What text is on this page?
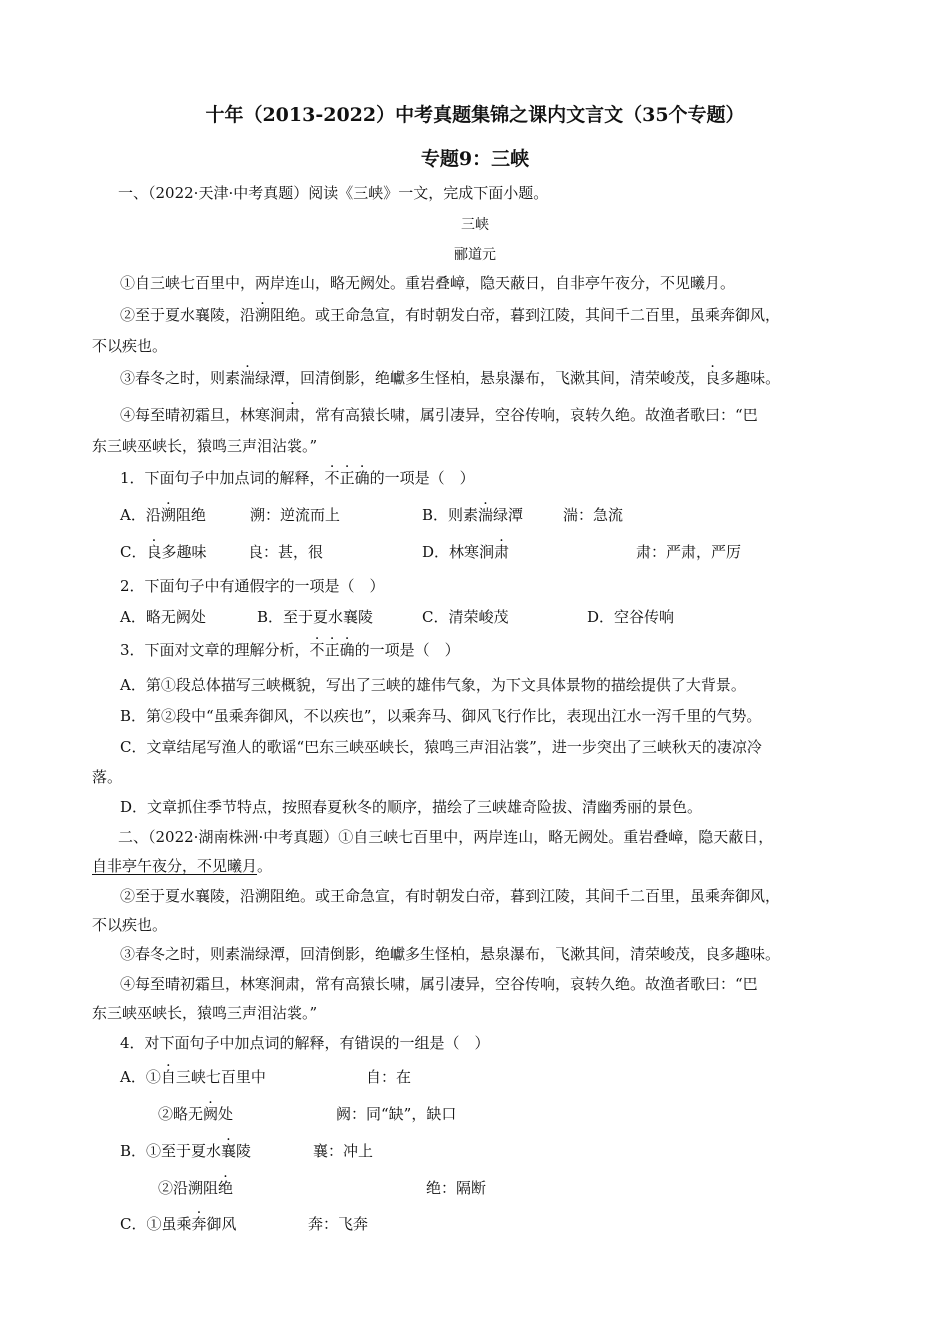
十年（2013-2022）中考真题集锦之课内文言文（35个专题）
专题9：三峡
一、（2022·天津·中考真题）阅读《三峡》一文，完成下面小题。
三峡
郦道元
①自三峡七百里中，两岸连山，略无阙处。重岩叠嶂，隐天蔽日，自非亭午夜分，不见曦月。
②至于夏水襄陵，沿溯阻绝。或王命急宣，有时朝发白帝，暮到江陵，其间千二百里，虽乘奔御风，
不以疾也。
③春冬之时，则素湍绿潭，回清倒影，绝巘多生怪柏，悬泉瀑布，飞漱其间，清荣峻茂，良多趣味。
④每至晴初霜旦，林寒涧肃，常有高猿长啸，属引凄异，空谷传响，哀转久绝。故渔者歌曰：“巴
东三峡巫峡长，猿鸣三声泪沾裳。”
1．下面句子中加点词的解释，不正确的一项是（　）
A．沿溯阻绝	溯：逆流而上	B．则素湍绿潭	湍：急流
C．良多趣味	良：甚，很	D．林寒涧肃	肃：严肃，严厉
2．下面句子中有通假字的一项是（　）
A．略无阙处	B．至于夏水襄陵	C．清荣峻茂	D．空谷传响
3．下面对文章的理解分析，不正确的一项是（　）
A．第①段总体描写三峡概貌，写出了三峡的雄伟气象，为下文具体景物的描绘提供了大背景。
B．第②段中“虽乘奔御风，不以疾也”，以乘奔马、御风飞行作比，表现出江水一泻千里的气势。
C．文章结尾写渔人的歌谣“巴东三峡巫峡长，猿鸣三声泪沾裳”，进一步突出了三峡秋天的凄凉冷
落。
D．文章抓住季节特点，按照春夏秋冬的顺序，描绘了三峡雄奇险拔、清幽秀丽的景色。
二、（2022·湖南株洲·中考真题）①自三峡七百里中，两岸连山，略无阙处。重岩叠嶂，隐天蔽日，
自非亭午夜分，不见曦月。
②至于夏水襄陵，沿溯阻绝。或王命急宣，有时朝发白帝，暮到江陵，其间千二百里，虽乘奔御风，
不以疾也。
③春冬之时，则素湍绿潭，回清倒影，绝巘多生怪柏，悬泉瀑布，飞漱其间，清荣峻茂，良多趣味。
④每至晴初霜旦，林寒涧肃，常有高猿长啸，属引凄异，空谷传响，哀转久绝。故渔者歌曰：“巴
东三峡巫峡长，猿鸣三声泪沾裳。”
4．对下面句子中加点词的解释，有错误的一组是（　）
A．①自三峡七百里中	自：在
②略无阙处	阙：同“缺”，缺口
B．①至于夏水襄陵	襄：冲上
②沿溯阻绝	绝：隔断
C．①虽乘奔御风	奔：飞奔
